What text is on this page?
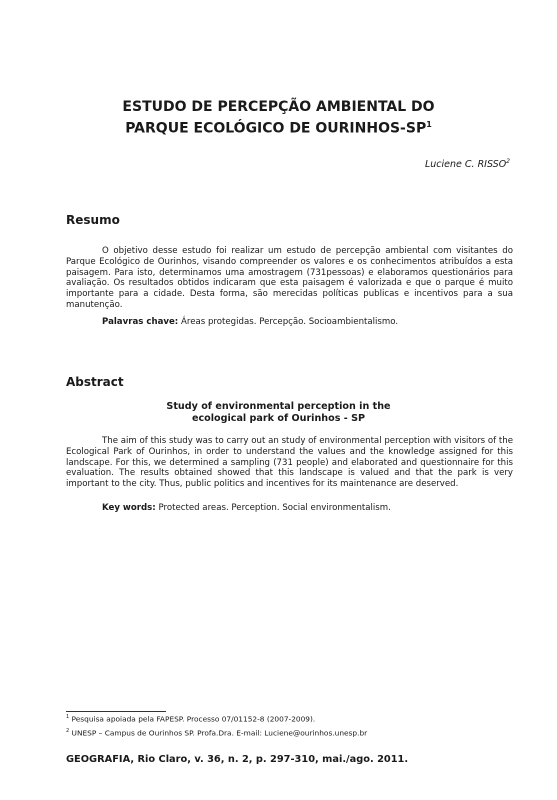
ESTUDO DE PERCEPÇÃO AMBIENTAL DO
PARQUE ECOLÓGICO DE OURINHOS-$SP^1$
Luciene C. RISSO$^2$
Resumo
O objetivo desse estudo foi realizar um estudo de percepção ambiental com visitantes do Parque Ecológico de Ourinhos, visando compreender os valores e os conhecimentos atribuídos a esta paisagem. Para isto, determinamos uma amostragem (731pessoas) e elaboramos questionários para avaliação. Os resultados obtidos indicaram que esta paisagem é valorizada e que o parque é muito importante para a cidade. Desta forma, são merecidas políticas publicas e incentivos para a sua manutenção.
Palavras chave: Áreas protegidas. Percepção. Socioambientalismo.
Abstract
Study of environmental perception in the
ecological park of Ourinhos - SP
The aim of this study was to carry out an study of environmental perception with visitors of the Ecological Park of Ourinhos, in order to understand the values and the knowledge assigned for this landscape. For this, we determined a sampling (731 people) and elaborated and questionnaire for this evaluation. The results obtained showed that this landscape is valued and that the park is very important to the city. Thus, public politics and incentives for its maintenance are deserved.
Key words: Protected areas. Perception. Social environmentalism.
$^1$ Pesquisa apoiada pela FAPESP. Processo 07/01152-8 (2007-2009).
$^2$ UNESP – Campus de Ourinhos SP. Profa.Dra. E-mail: Luciene@ourinhos.unesp.br
GEOGRAFIA, Rio Claro, v. 36, n. 2, p. 297-310, mai./ago. 2011.
